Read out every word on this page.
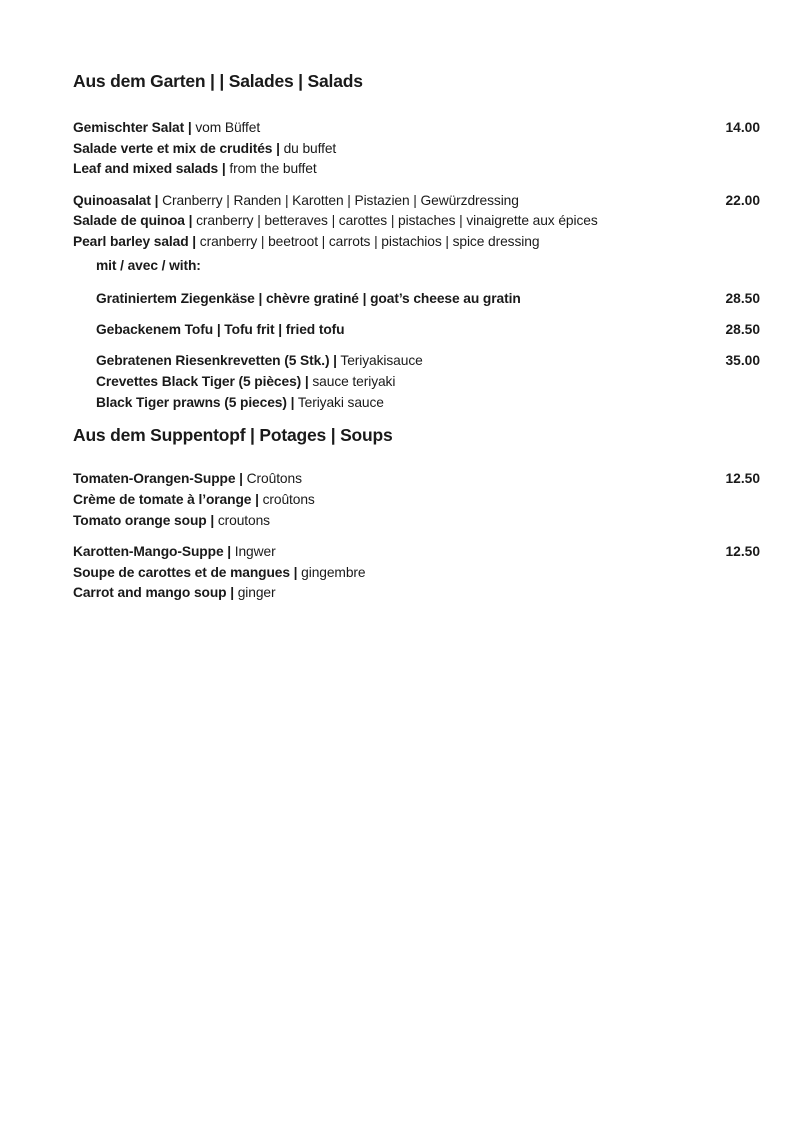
Aus dem Garten | | Salades | Salads
Gemischter Salat | vom Büffet
Salade verte et mix de crudités | du buffet
Leaf and mixed salads | from the buffet
14.00
Quinoasalat | Cranberry | Randen | Karotten | Pistazien | Gewürzdressing
Salade de quinoa | cranberry | betteraves | carottes | pistaches | vinaigrette aux épices
Pearl barley salad | cranberry | beetroot | carrots | pistachios | spice dressing
22.00
mit / avec / with:
Gratiniertem Ziegenkäse | chèvre gratiné | goat’s cheese au gratin	28.50
Gebackenem Tofu | Tofu frit | fried tofu	28.50
Gebratenen Riesenkrevetten (5 Stk.) | Teriyakisauce
Crevettes Black Tiger (5 pièces) | sauce teriyaki
Black Tiger prawns (5 pieces) | Teriyaki sauce
35.00
Aus dem Suppentopf | Potages | Soups
Tomaten-Orangen-Suppe | Croûtons
Crème de tomate à l’orange | croûtons
Tomato orange soup | croutons
12.50
Karotten-Mango-Suppe | Ingwer
Soupe de carottes et de mangues | gingembre
Carrot and mango soup | ginger
12.50
